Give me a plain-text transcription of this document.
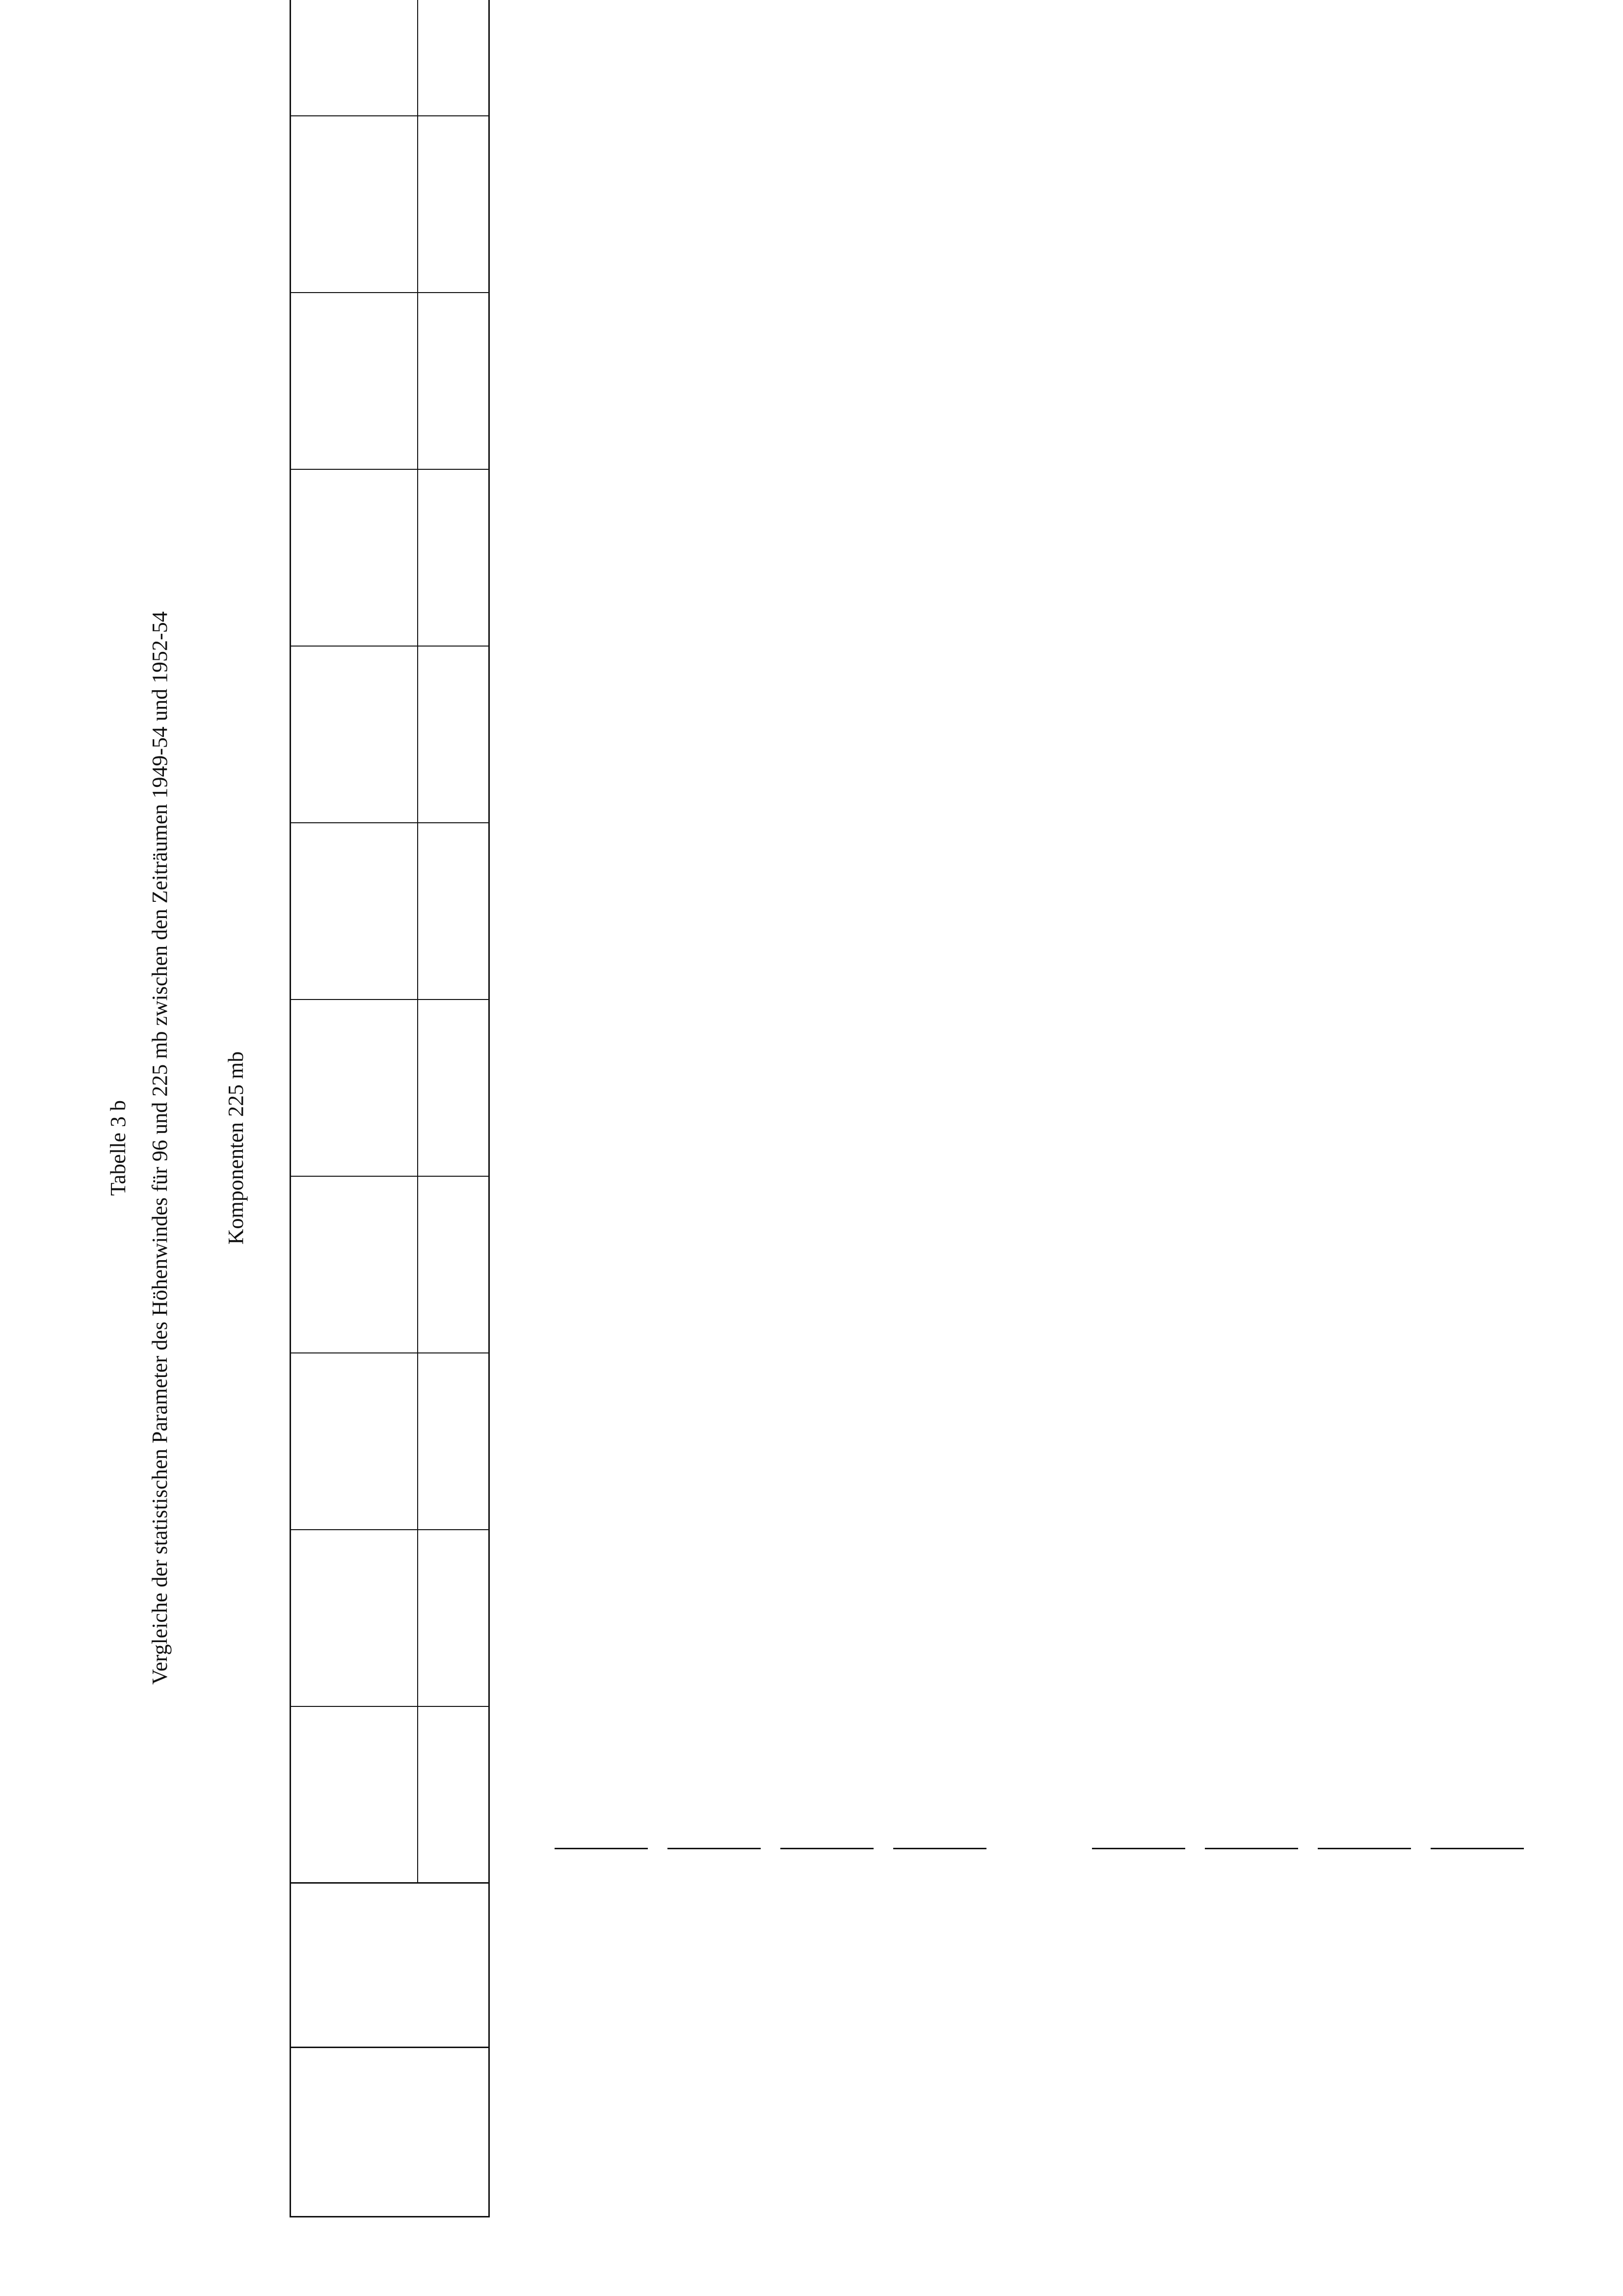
Tabelle 3 b Vergleiche der statistischen Parameter des Höhenwindes für 96 und 225 mb zwischen den Zeiträumen 1949-54 und 1952-54 Komponenten 225 mb
